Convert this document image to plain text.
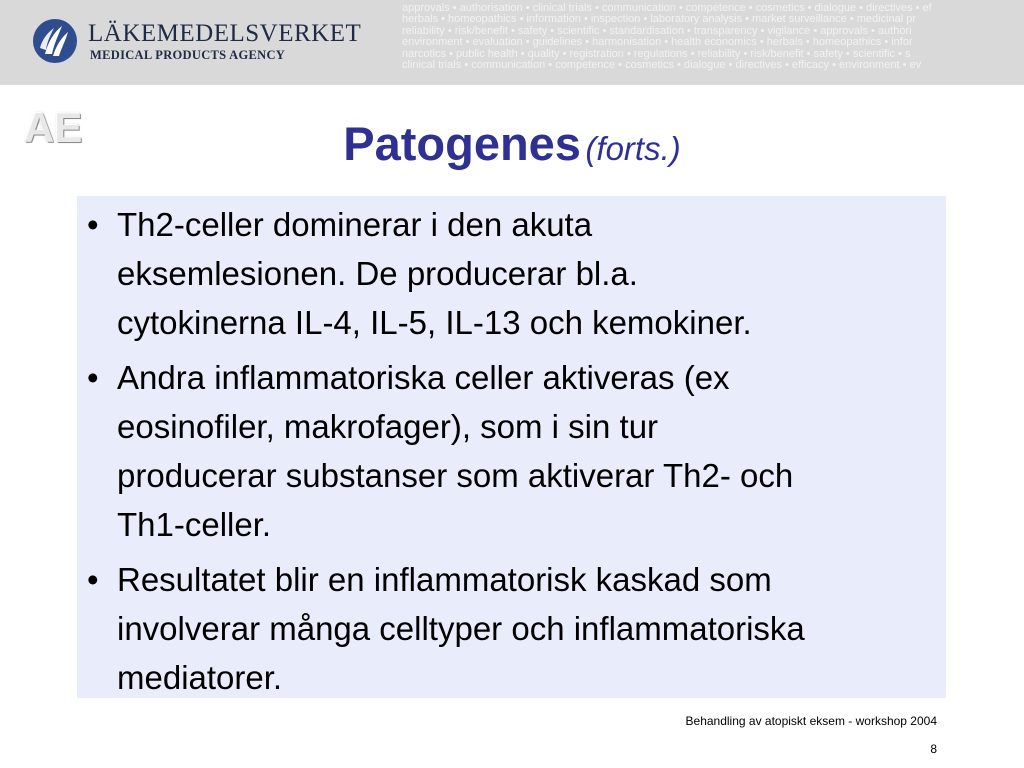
LÄKEMEDELSVERKET
MEDICAL PRODUCTS AGENCY
approvals • authorisation • clinical trials • communication • competence • cosmetics • dialogue • directives • ef
herbals • homeopathics • information • inspection • laboratory analysis • market surveillance • medicinal pr
reliability • risk/benefit • safety • scientific • standardisation • transparency • vigilance • approvals • authori
environment • evaluation • guidelines • harmonisation • health economics • herbals • homeopathics • infor
narcotics • public health • quality • registration • regulations • reliability • risk/benefit • safety • scientific • s
clinical trials • communication • competence • cosmetics • dialogue • directives • efficacy • environment • ev
AE	Patogenes (forts.)
• Th2-celler dominerar i den akuta
eksemlesionen. De producerar bl.a.
cytokinerna IL-4, IL-5, IL-13 och kemokiner.
• Andra inflammatoriska celler aktiveras (ex
eosinofiler, makrofager), som i sin tur
producerar substanser som aktiverar Th2- och
Th1-celler.
• Resultatet blir en inflammatorisk kaskad som
involverar många celltyper och inflammatoriska
mediatorer.
Behandling av atopiskt eksem - workshop 2004
8
